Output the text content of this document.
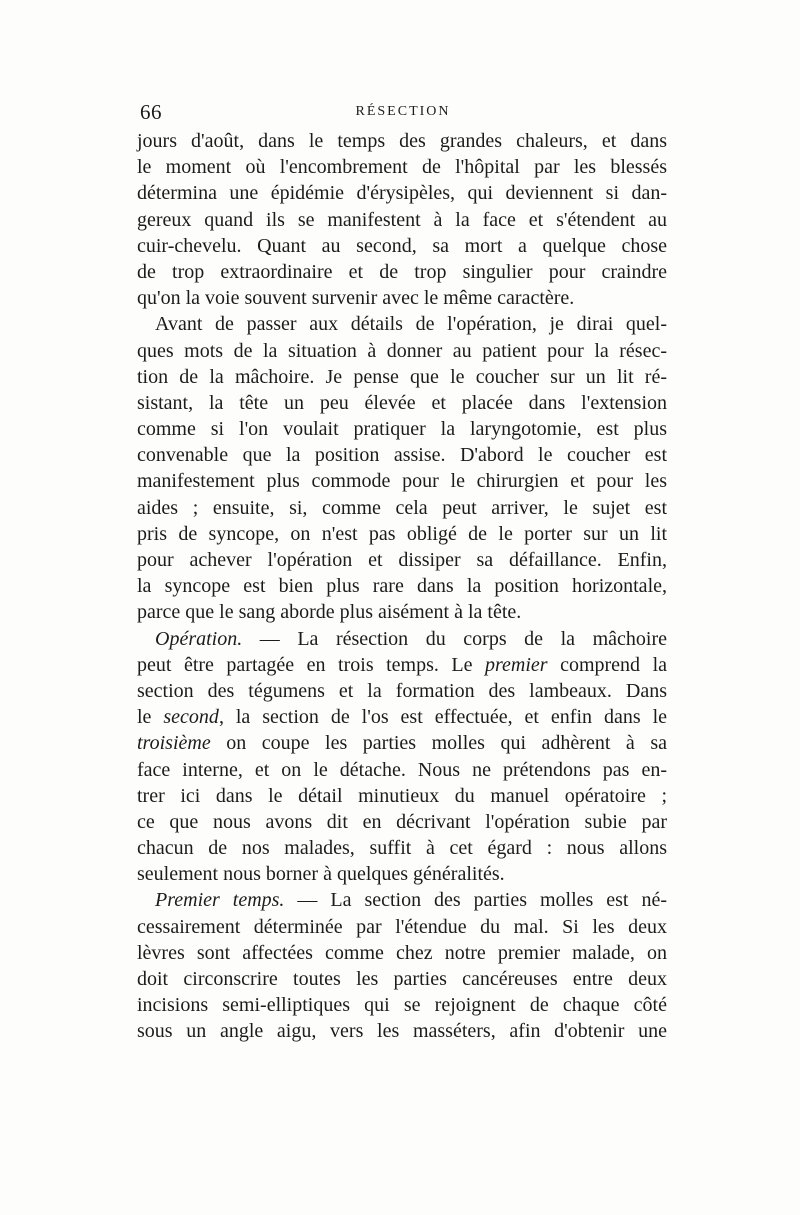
66	RÉSECTION
jours d'août, dans le temps des grandes chaleurs, et dans
le moment où l'encombrement de l'hôpital par les blessés
détermina une épidémie d'érysipèles, qui deviennent si dan-
gereux quand ils se manifestent à la face et s'étendent au
cuir-chevelu. Quant au second, sa mort a quelque chose
de trop extraordinaire et de trop singulier pour craindre
qu'on la voie souvent survenir avec le même caractère.
Avant de passer aux détails de l'opération, je dirai quel-
ques mots de la situation à donner au patient pour la résec-
tion de la mâchoire. Je pense que le coucher sur un lit ré-
sistant, la tête un peu élevée et placée dans l'extension
comme si l'on voulait pratiquer la laryngotomie, est plus
convenable que la position assise. D'abord le coucher est
manifestement plus commode pour le chirurgien et pour les
aides ; ensuite, si, comme cela peut arriver, le sujet est
pris de syncope, on n'est pas obligé de le porter sur un lit
pour achever l'opération et dissiper sa défaillance. Enfin,
la syncope est bien plus rare dans la position horizontale,
parce que le sang aborde plus aisément à la tête.
Opération. — La résection du corps de la mâchoire
peut être partagée en trois temps. Le premier comprend la
section des tégumens et la formation des lambeaux. Dans
le second, la section de l'os est effectuée, et enfin dans le
troisième on coupe les parties molles qui adhèrent à sa
face interne, et on le détache. Nous ne prétendons pas en-
trer ici dans le détail minutieux du manuel opératoire ;
ce que nous avons dit en décrivant l'opération subie par
chacun de nos malades, suffit à cet égard : nous allons
seulement nous borner à quelques généralités.
Premier temps. — La section des parties molles est né-
cessairement déterminée par l'étendue du mal. Si les deux
lèvres sont affectées comme chez notre premier malade, on
doit circonscrire toutes les parties cancéreuses entre deux
incisions semi-elliptiques qui se rejoignent de chaque côté
sous un angle aigu, vers les masséters, afin d'obtenir une
